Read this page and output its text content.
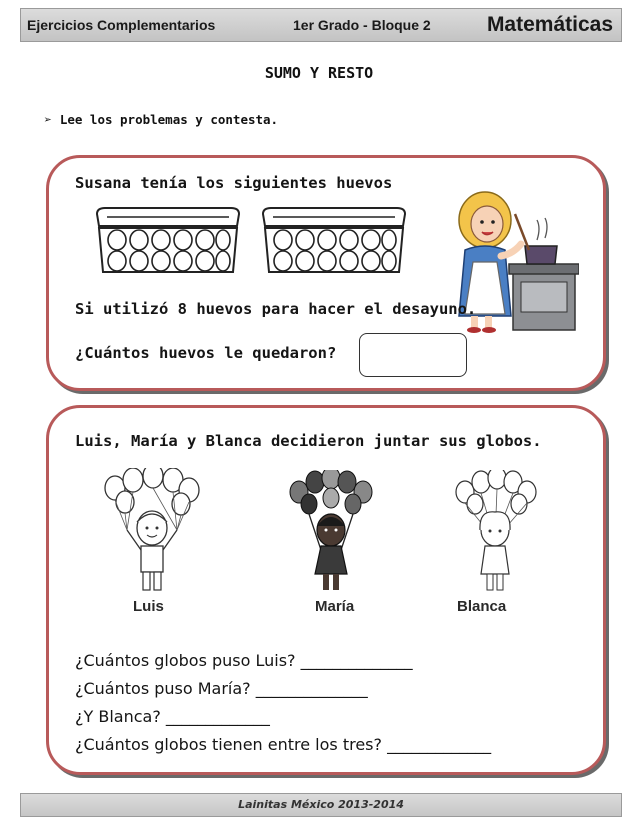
Ejercicios Complementarios	1er Grado - Bloque 2	Matemáticas
SUMO Y RESTO
➢ Lee los problemas y contesta.
Susana tenía los siguientes huevos
Si utilizó 8 huevos para hacer el desayuno.
¿Cuántos huevos le quedaron?
Luis, María y Blanca decidieron juntar sus globos.
Luis	María	Blanca
¿Cuántos globos puso Luis? ______________
¿Cuántos puso María? ______________
¿Y Blanca? _____________
¿Cuántos globos tienen entre los tres? _____________
Lainitas México 2013-2014
